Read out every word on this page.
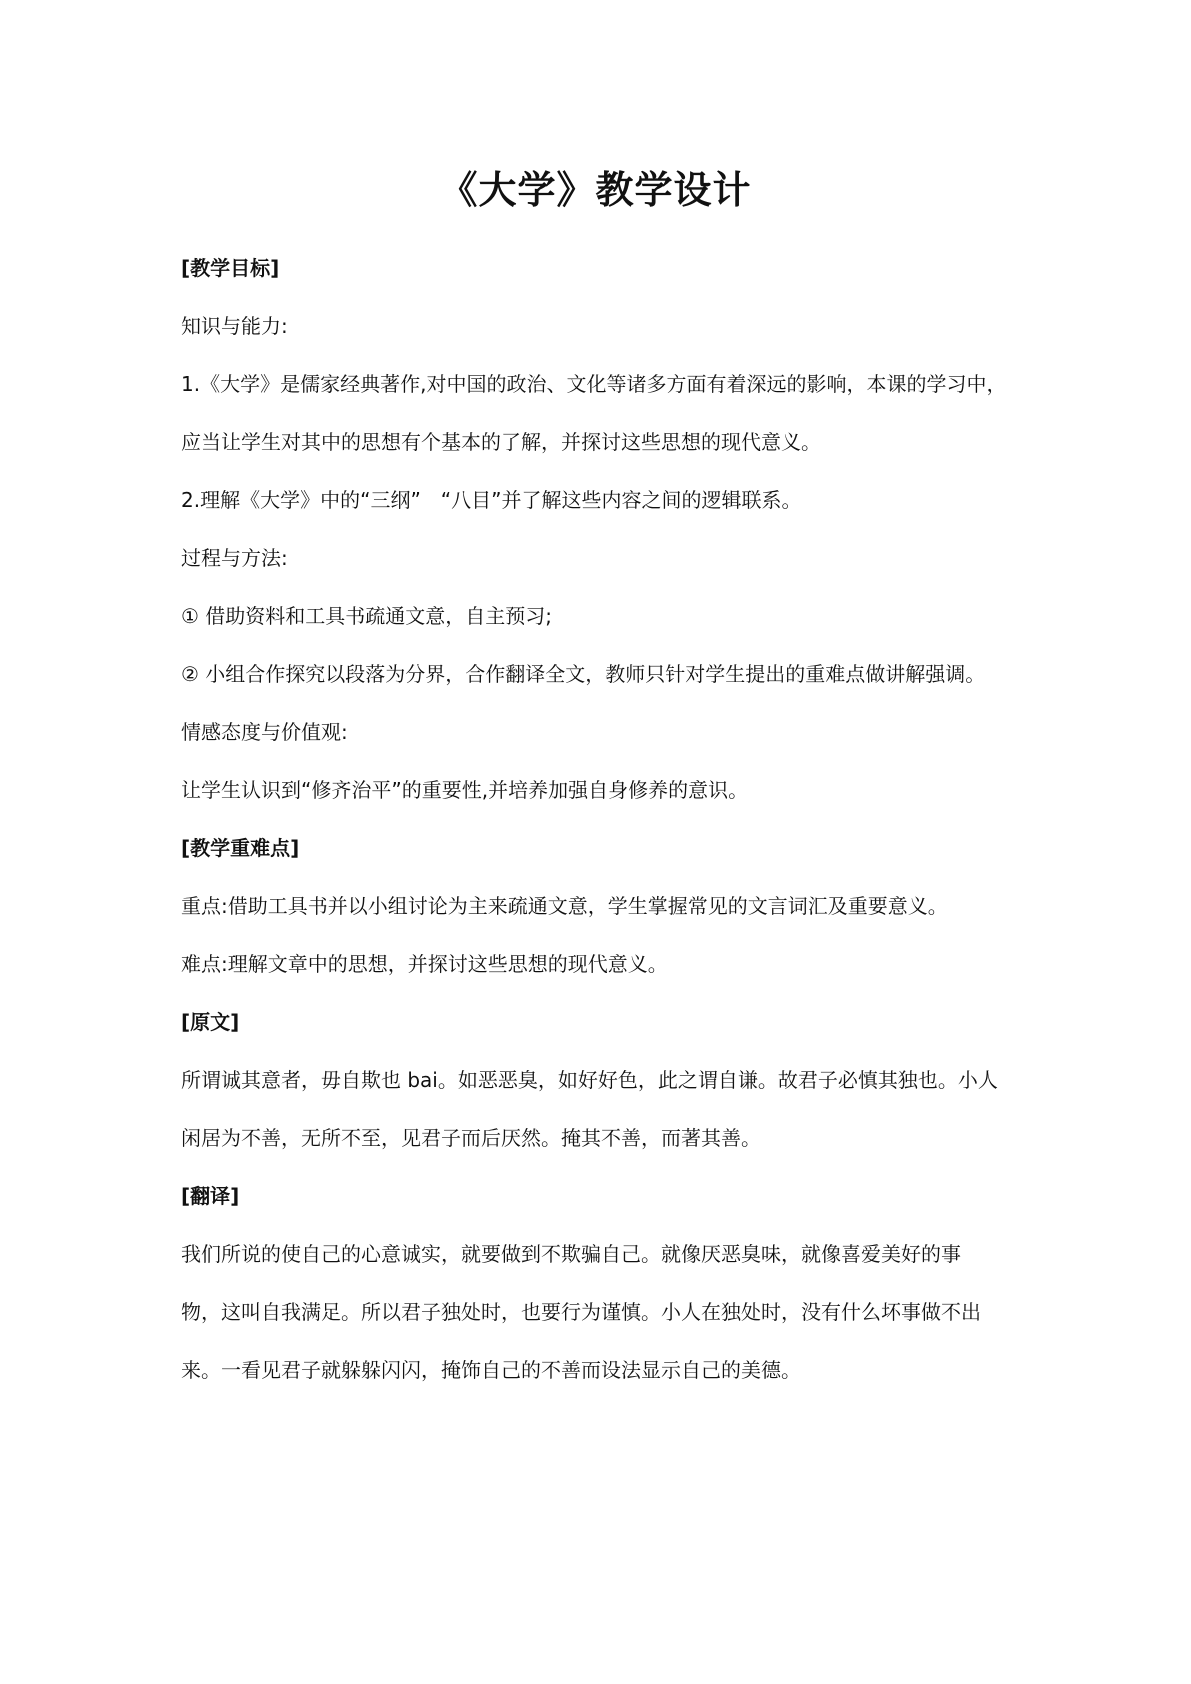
《大学》教学设计
[教学目标]
知识与能力:
1.《大学》是儒家经典著作,对中国的政治、文化等诸多方面有着深远的影响，本课的学习中，
应当让学生对其中的思想有个基本的了解，并探讨这些思想的现代意义。
2.理解《大学》中的“三纲”　“八目”并了解这些内容之间的逻辑联系。
过程与方法:
① 借助资料和工具书疏通文意，自主预习;
② 小组合作探究以段落为分界，合作翻译全文，教师只针对学生提出的重难点做讲解强调。
情感态度与价值观:
让学生认识到“修齐治平”的重要性,并培养加强自身修养的意识。
[教学重难点]
重点:借助工具书并以小组讨论为主来疏通文意，学生掌握常见的文言词汇及重要意义。
难点:理解文章中的思想，并探讨这些思想的现代意义。
[原文]
所谓诚其意者，毋自欺也 bai。如恶恶臭，如好好色，此之谓自谦。故君子必慎其独也。小人
闲居为不善，无所不至，见君子而后厌然。掩其不善，而著其善。
[翻译]
我们所说的使自己的心意诚实，就要做到不欺骗自己。就像厌恶臭味，就像喜爱美好的事
物，这叫自我满足。所以君子独处时，也要行为谨慎。小人在独处时，没有什么坏事做不出
来。一看见君子就躲躲闪闪，掩饰自己的不善而设法显示自己的美德。
